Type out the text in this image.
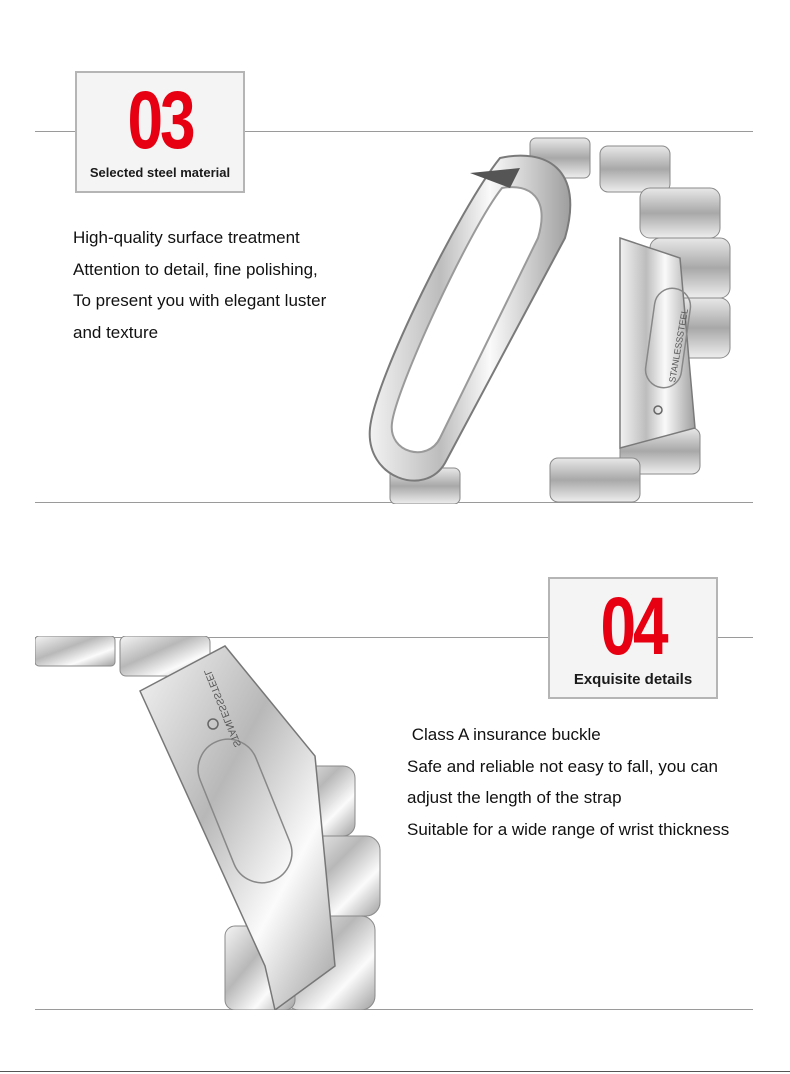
03
Selected steel material

High-quality surface treatment

Attention to detail, fine polishing,

To present you with elegant luster

and texture	STANLESSSTEEL
04
Exquisite details

Class A insurance buckle

Safe and reliable not easy to fall, you can

adjust the length of the strap

Suitable for a wide range of wrist thickness

STANLESSSTEEL
